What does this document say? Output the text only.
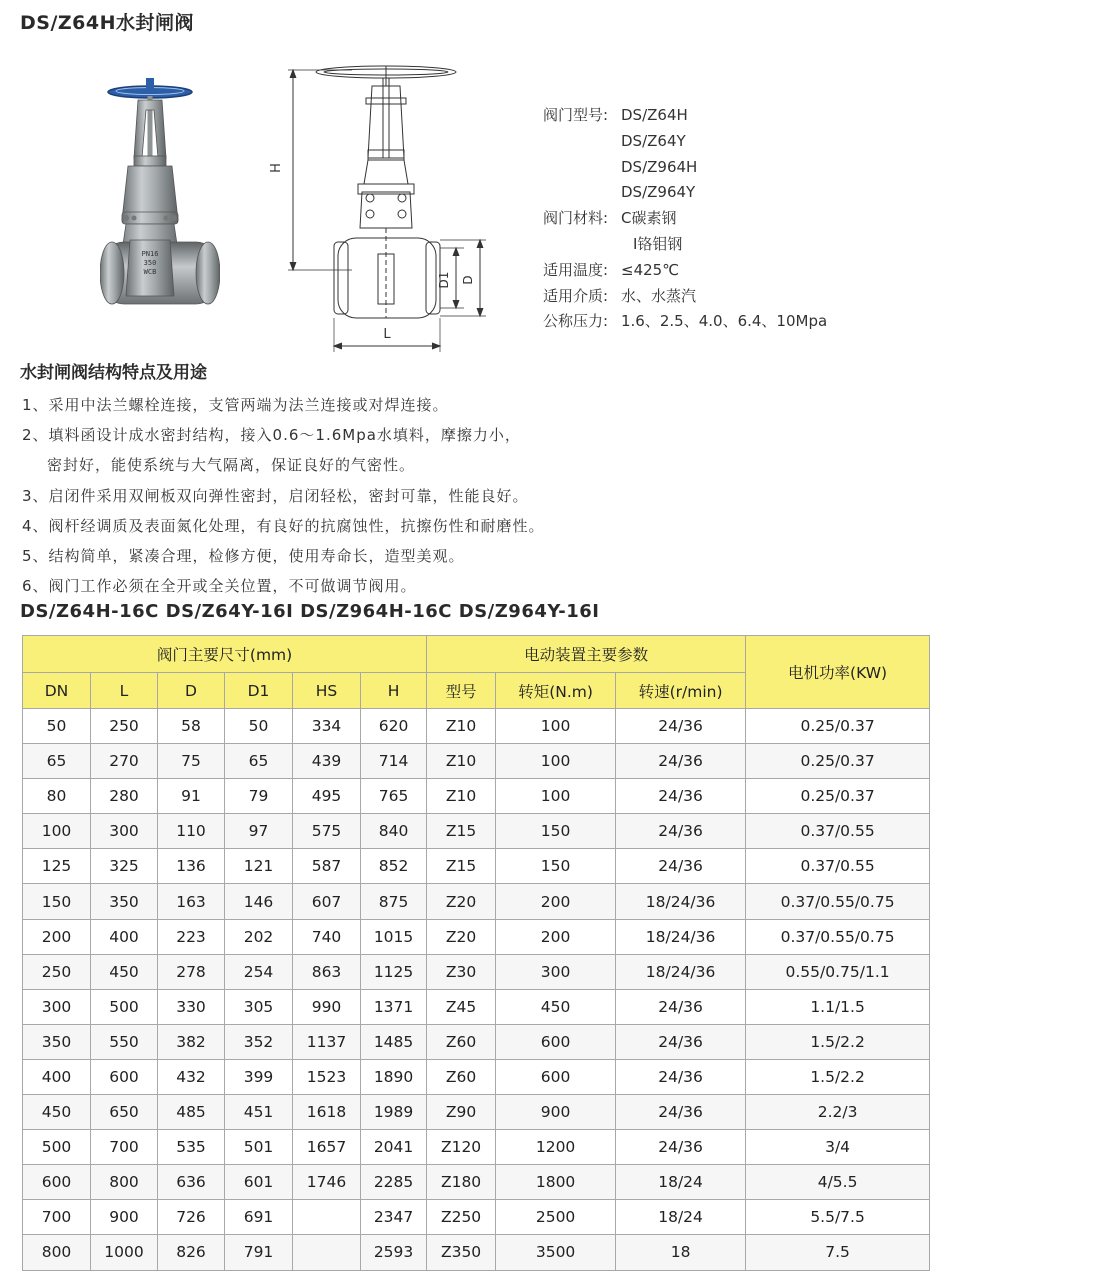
DS/Z64H水封闸阀
PN16
350
WCB
H
D1 D
L
阀门型号: DS/Z64H
DS/Z64Y
DS/Z964H
DS/Z964Y
阀门材料: C碳素钢
I铬钼钢
适用温度: ≤425℃
适用介质: 水、水蒸汽
公称压力: 1.6、2.5、4.0、6.4、10Mpa
水封闸阀结构特点及用途
1、采用中法兰螺栓连接，支管两端为法兰连接或对焊连接。
2、填料函设计成水密封结构，接入0.6～1.6Mpa水填料，摩擦力小，
密封好，能使系统与大气隔离，保证良好的气密性。
3、启闭件采用双闸板双向弹性密封，启闭轻松，密封可靠，性能良好。
4、阀杆经调质及表面氮化处理，有良好的抗腐蚀性，抗擦伤性和耐磨性。
5、结构简单，紧凑合理，检修方便，使用寿命长，造型美观。
6、阀门工作必须在全开或全关位置，不可做调节阀用。
DS/Z64H-16C DS/Z64Y-16I DS/Z964H-16C DS/Z964Y-16I
阀门主要尺寸(mm)						电动装置主要参数			电机功率(KW)
DN	L	D	D1	HS	H	型号	转矩(N.m)	转速(r/min)	
50	250	58	50	334	620	Z10	100	24/36	0.25/0.37
65	270	75	65	439	714	Z10	100	24/36	0.25/0.37
80	280	91	79	495	765	Z10	100	24/36	0.25/0.37
100	300	110	97	575	840	Z15	150	24/36	0.37/0.55
125	325	136	121	587	852	Z15	150	24/36	0.37/0.55
150	350	163	146	607	875	Z20	200	18/24/36	0.37/0.55/0.75
200	400	223	202	740	1015	Z20	200	18/24/36	0.37/0.55/0.75
250	450	278	254	863	1125	Z30	300	18/24/36	0.55/0.75/1.1
300	500	330	305	990	1371	Z45	450	24/36	1.1/1.5
350	550	382	352	1137	1485	Z60	600	24/36	1.5/2.2
400	600	432	399	1523	1890	Z60	600	24/36	1.5/2.2
450	650	485	451	1618	1989	Z90	900	24/36	2.2/3
500	700	535	501	1657	2041	Z120	1200	24/36	3/4
600	800	636	601	1746	2285	Z180	1800	18/24	4/5.5
700	900	726	691		2347	Z250	2500	18/24	5.5/7.5
800	1000	826	791		2593	Z350	3500	18	7.5
